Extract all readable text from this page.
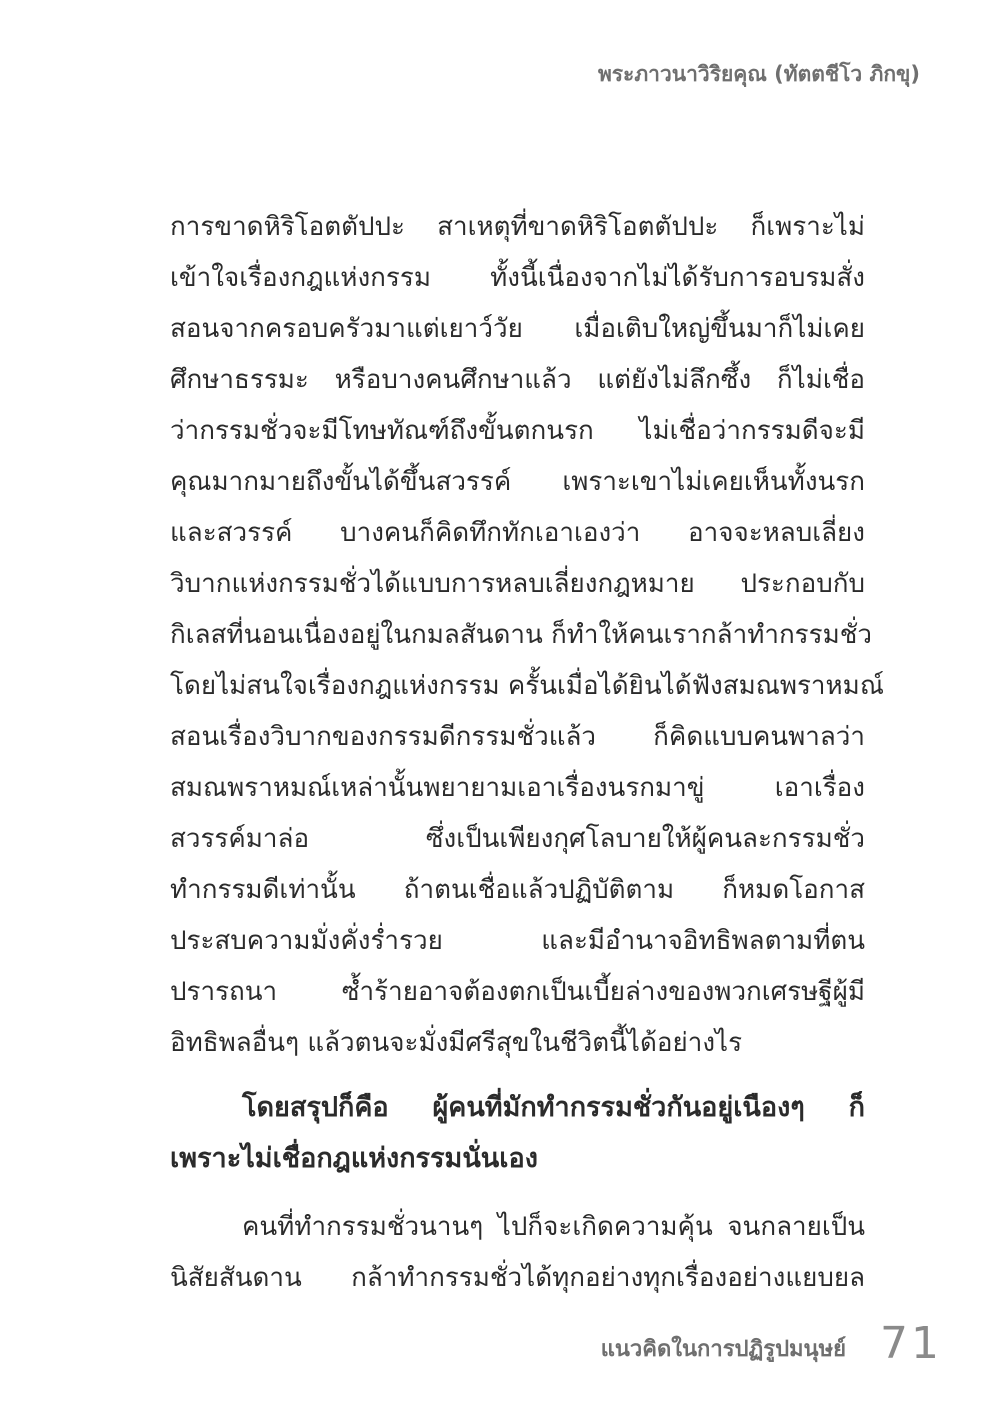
พระภาวนาวิริยคุณ (ทัตตชีโว ภิกขุ)
การขาดหิริโอตตัปปะ สาเหตุที่ขาดหิริโอตตัปปะ ก็เพราะไม่
เข้าใจเรื่องกฎแห่งกรรม ทั้งนี้เนื่องจากไม่ได้รับการอบรมสั่ง
สอนจากครอบครัวมาแต่เยาว์วัย เมื่อเติบใหญ่ขึ้นมาก็ไม่เคย
ศึกษาธรรมะ หรือบางคนศึกษาแล้ว แต่ยังไม่ลึกซึ้ง ก็ไม่เชื่อ
ว่ากรรมชั่วจะมีโทษทัณฑ์ถึงขั้นตกนรก ไม่เชื่อว่ากรรมดีจะมี
คุณมากมายถึงขั้นได้ขึ้นสวรรค์ เพราะเขาไม่เคยเห็นทั้งนรก
และสวรรค์ บางคนก็คิดทึกทักเอาเองว่า อาจจะหลบเลี่ยง
วิบากแห่งกรรมชั่วได้แบบการหลบเลี่ยงกฎหมาย ประกอบกับ
กิเลสที่นอนเนื่องอยู่ในกมลสันดาน ก็ทำให้คนเรากล้าทำกรรมชั่ว
โดยไม่สนใจเรื่องกฎแห่งกรรม ครั้นเมื่อได้ยินได้ฟังสมณพราหมณ์
สอนเรื่องวิบากของกรรมดีกรรมชั่วแล้ว ก็คิดแบบคนพาลว่า
สมณพราหมณ์เหล่านั้นพยายามเอาเรื่องนรกมาขู่ เอาเรื่อง
สวรรค์มาล่อ ซึ่งเป็นเพียงกุศโลบายให้ผู้คนละกรรมชั่ว
ทำกรรมดีเท่านั้น ถ้าตนเชื่อแล้วปฏิบัติตาม ก็หมดโอกาส
ประสบความมั่งคั่งร่ำรวย และมีอำนาจอิทธิพลตามที่ตน
ปรารถนา ซ้ำร้ายอาจต้องตกเป็นเบี้ยล่างของพวกเศรษฐีผู้มี
อิทธิพลอื่นๆ แล้วตนจะมั่งมีศรีสุขในชีวิตนี้ได้อย่างไร
โดยสรุปก็คือ ผู้คนที่มักทำกรรมชั่วกันอยู่เนืองๆ ก็
เพราะไม่เชื่อกฎแห่งกรรมนั่นเอง
คนที่ทำกรรมชั่วนานๆ ไปก็จะเกิดความคุ้น จนกลายเป็น
นิสัยสันดาน กล้าทำกรรมชั่วได้ทุกอย่างทุกเรื่องอย่างแยบยล
แนวคิดในการปฏิรูปมนุษย์ 71
